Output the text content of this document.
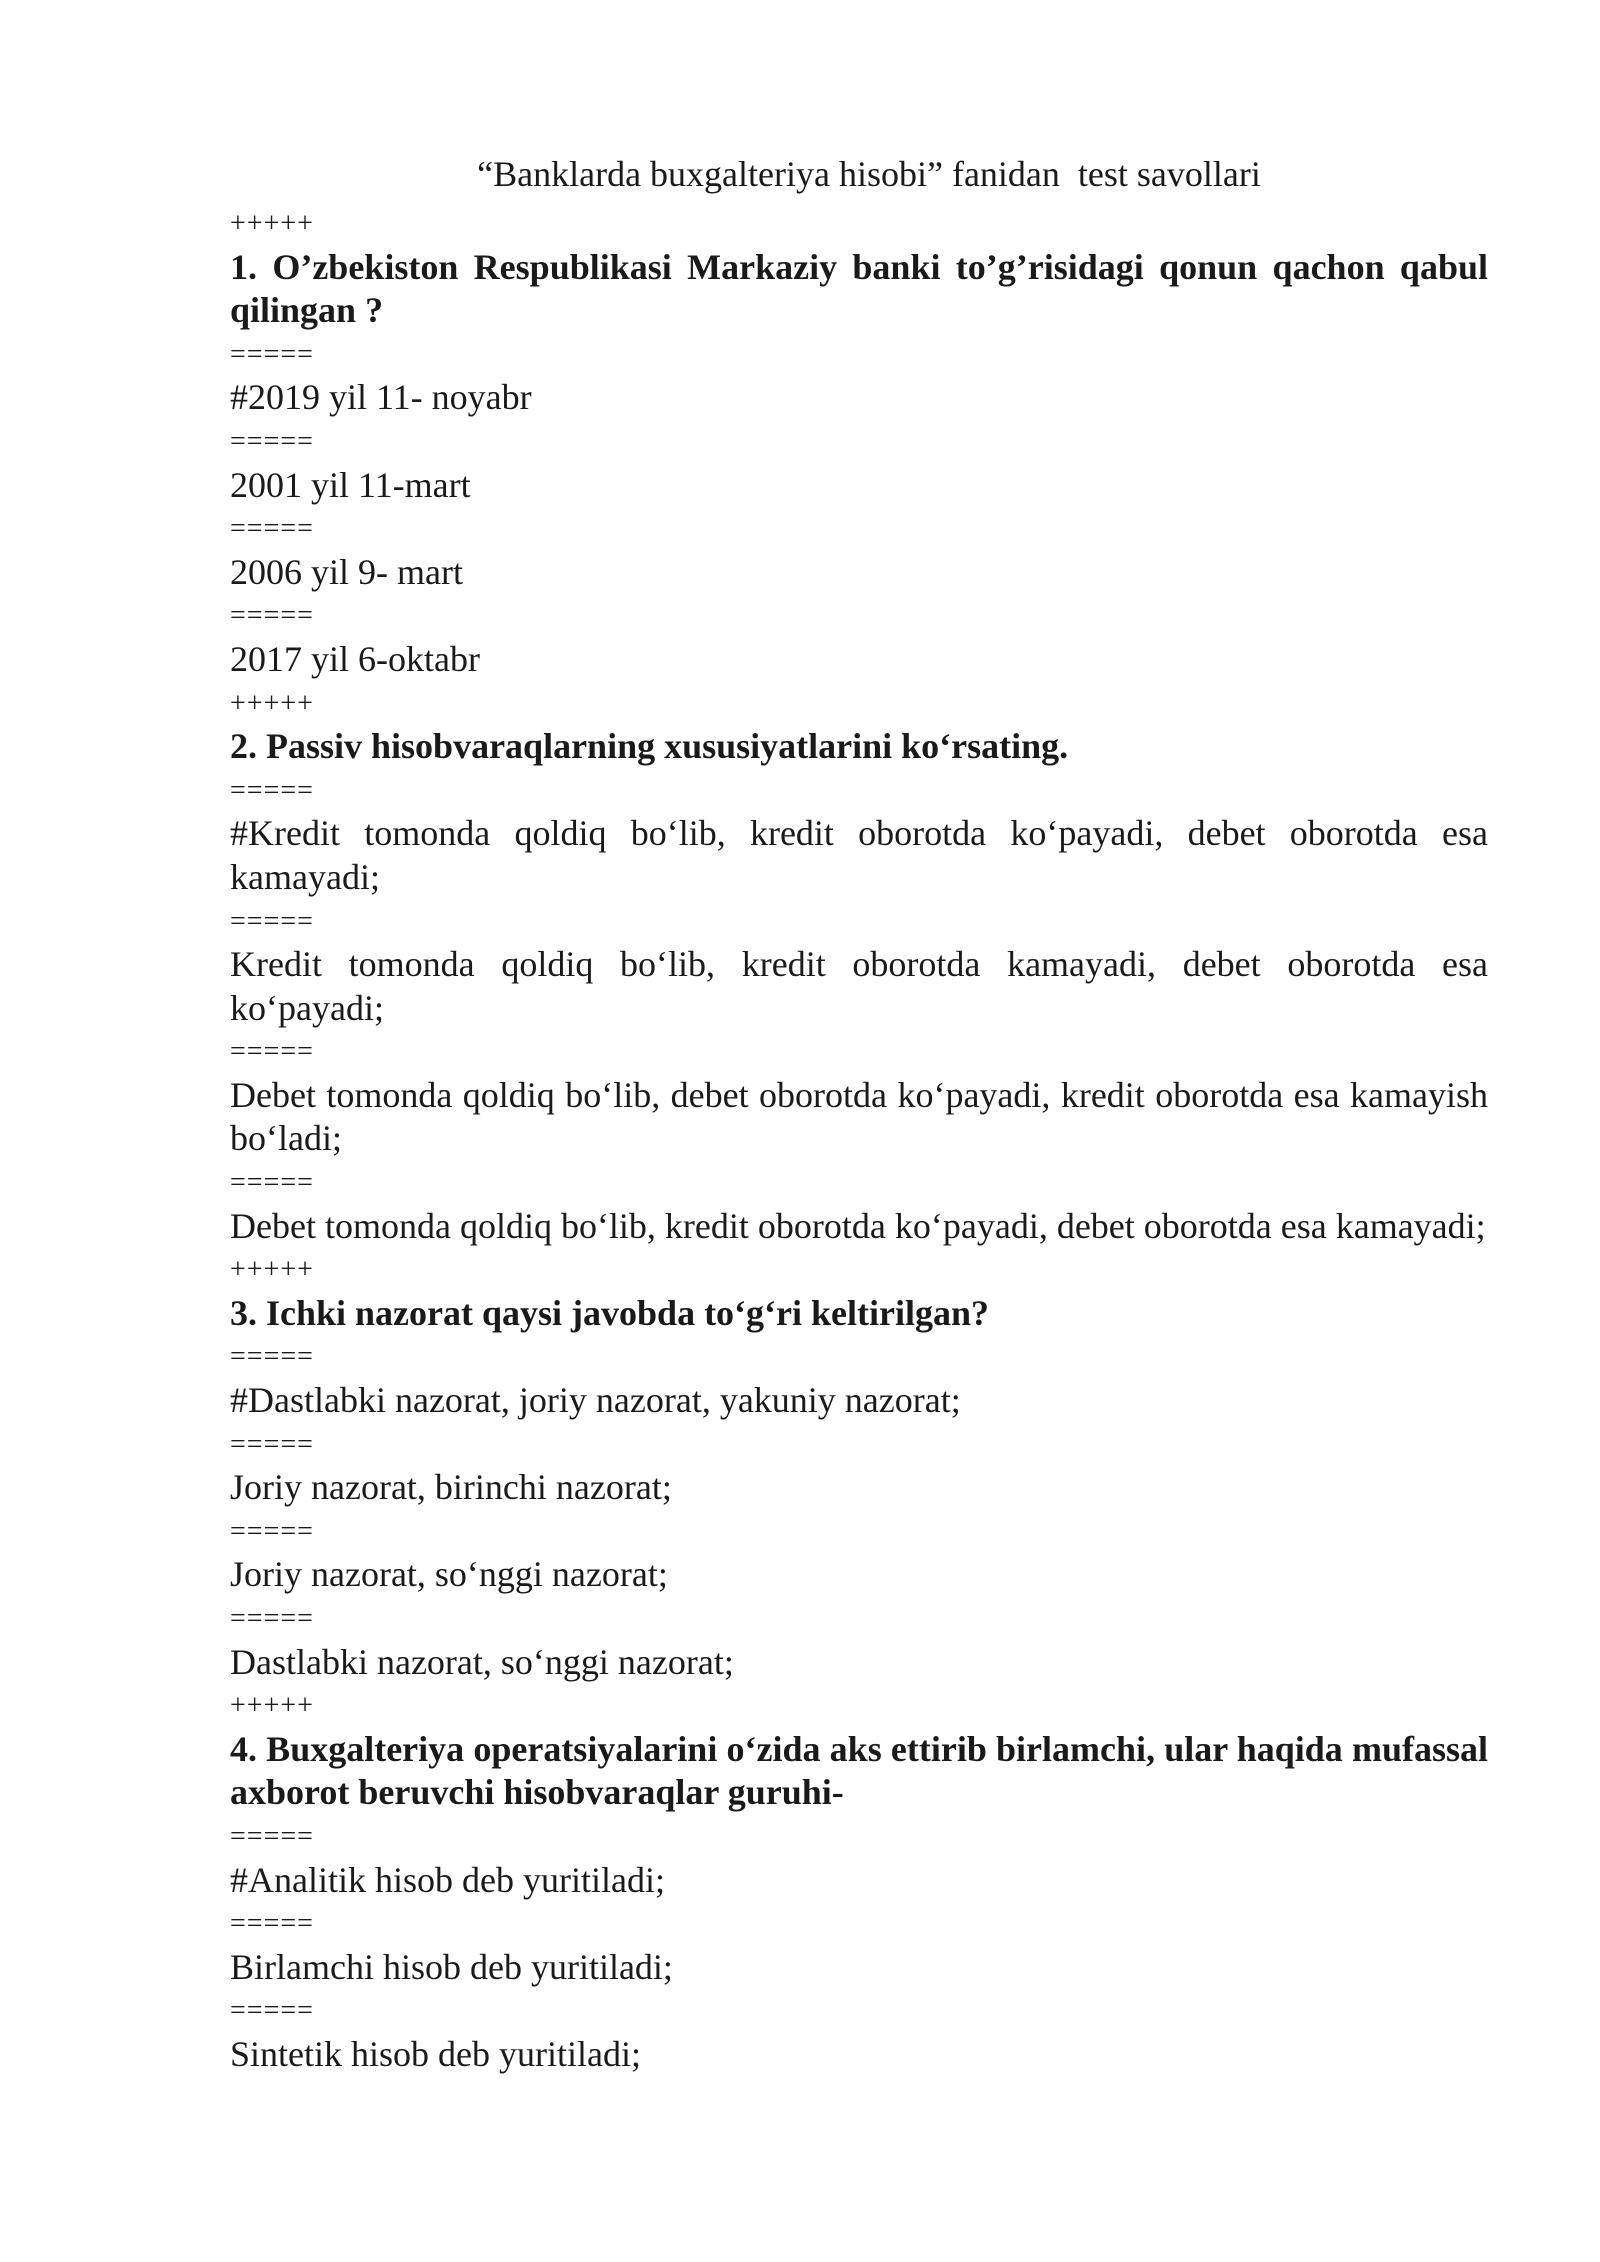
“Banklarda buxgalteriya hisobi” fanidan  test savollari
+++++
1. O’zbekiston Respublikasi Markaziy banki to’g’risidagi qonun qachon qabul qilingan ?
=====
#2019 yil 11- noyabr
=====
2001 yil 11-mart
=====
2006 yil 9- mart
=====
2017 yil 6-oktabr
+++++
2. Passiv hisobvaraqlarning xususiyatlarini ko‘rsating.
=====
#Kredit tomonda qoldiq bo‘lib, kredit oborotda ko‘payadi, debet oborotda esa kamayadi;
=====
Kredit tomonda qoldiq bo‘lib, kredit oborotda kamayadi, debet oborotda esa ko‘payadi;
=====
Debet tomonda qoldiq bo‘lib, debet oborotda ko‘payadi, kredit oborotda esa kamayish bo‘ladi;
=====
Debet tomonda qoldiq bo‘lib, kredit oborotda ko‘payadi, debet oborotda esa kamayadi;
+++++
3. Ichki nazorat qaysi javobda to‘g‘ri keltirilgan?
=====
#Dastlabki nazorat, joriy nazorat, yakuniy nazorat;
=====
Joriy nazorat, birinchi nazorat;
=====
Joriy nazorat, so‘nggi nazorat;
=====
Dastlabki nazorat, so‘nggi nazorat;
+++++
4. Buxgalteriya operatsiyalarini o‘zida aks ettirib birlamchi, ular haqida mufassal axborot beruvchi hisobvaraqlar guruhi-
=====
#Analitik hisob deb yuritiladi;
=====
Birlamchi hisob deb yuritiladi;
=====
Sintetik hisob deb yuritiladi;
